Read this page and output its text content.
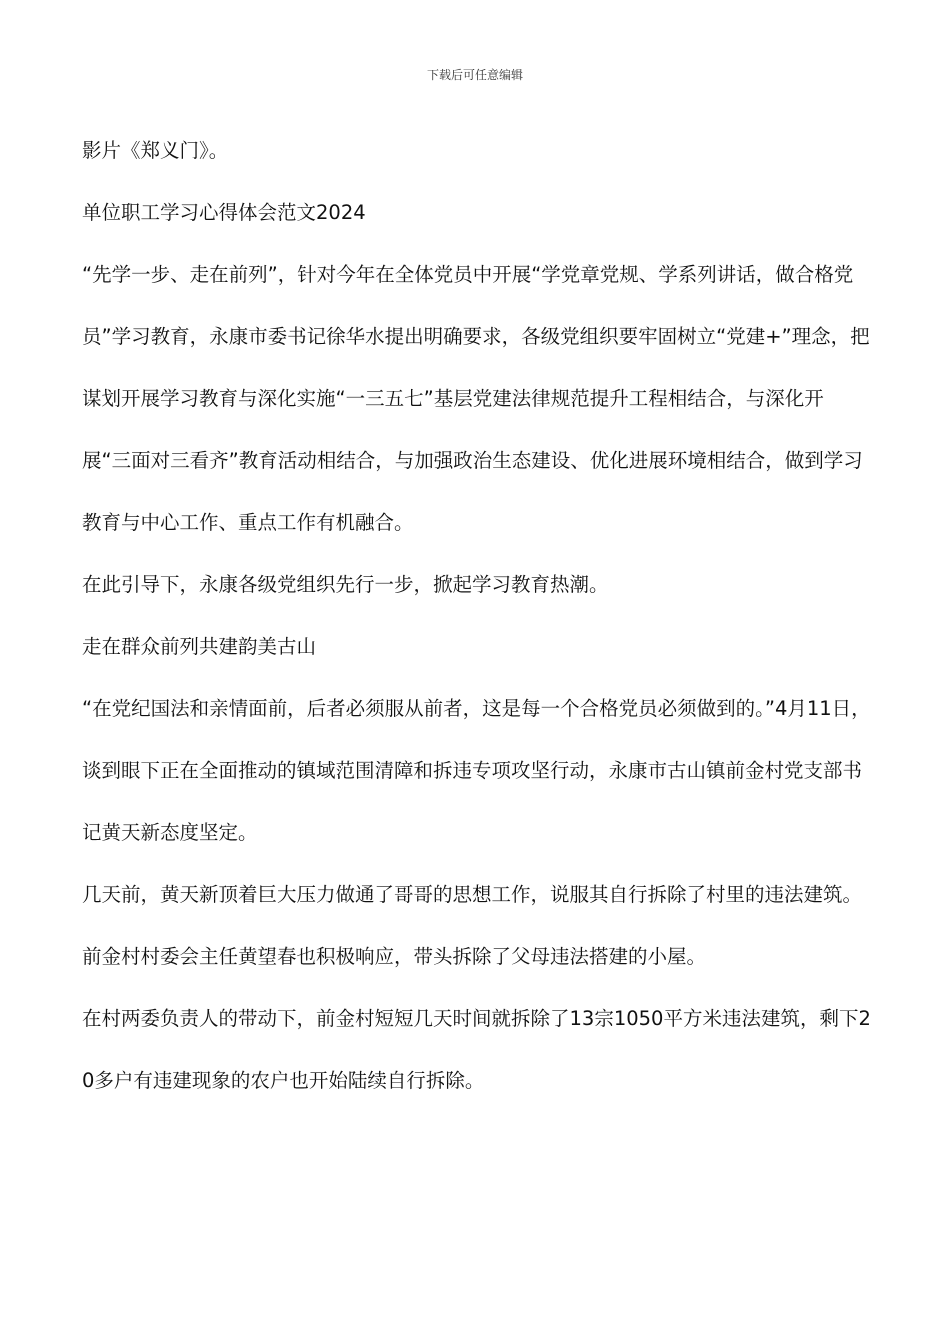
下载后可任意编辑

影片《郑义门》。

单位职工学习心得体会范文2024

“先学一步、走在前列”，针对今年在全体党员中开展“学党章党规、学系列讲话，做合格党员”学习教育，永康市委书记徐华水提出明确要求，各级党组织要牢固树立“党建+”理念，把谋划开展学习教育与深化实施“一三五七”基层党建法律规范提升工程相结合，与深化开展“三面对三看齐”教育活动相结合，与加强政治生态建设、优化进展环境相结合，做到学习教育与中心工作、重点工作有机融合。

在此引导下，永康各级党组织先行一步，掀起学习教育热潮。

走在群众前列共建韵美古山

“在党纪国法和亲情面前，后者必须服从前者，这是每一个合格党员必须做到的。”4月11日，谈到眼下正在全面推动的镇域范围清障和拆违专项攻坚行动，永康市古山镇前金村党支部书记黄天新态度坚定。

几天前，黄天新顶着巨大压力做通了哥哥的思想工作，说服其自行拆除了村里的违法建筑。前金村村委会主任黄望春也积极响应，带头拆除了父母违法搭建的小屋。

在村两委负责人的带动下，前金村短短几天时间就拆除了13宗1050平方米违法建筑，剩下20多户有违建现象的农户也开始陆续自行拆除。
